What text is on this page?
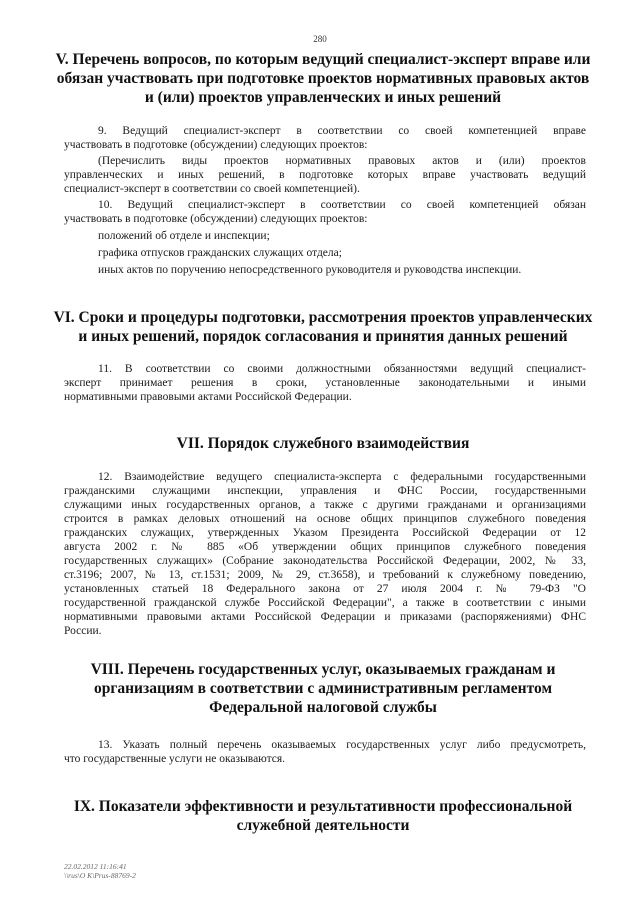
280
V. Перечень вопросов, по которым ведущий специалист-эксперт вправе или
обязан участвовать при подготовке проектов нормативных правовых актов
и (или) проектов управленческих и иных решений
9. Ведущий специалист-эксперт в соответствии со своей компетенцией вправе
участвовать в подготовке (обсуждении) следующих проектов:
(Перечислить виды проектов нормативных правовых актов и (или) проектов
управленческих и иных решений, в подготовке которых вправе участвовать ведущий
специалист-эксперт в соответствии со своей компетенцией).
10. Ведущий специалист-эксперт в соответствии со своей компетенцией обязан
участвовать в подготовке (обсуждении) следующих проектов:
положений об отделе и инспекции;
графика отпусков гражданских служащих отдела;
иных актов по поручению непосредственного руководителя и руководства инспекции.
VI. Сроки и процедуры подготовки, рассмотрения проектов управленческих
и иных решений, порядок согласования и принятия данных решений
11. В соответствии со своими должностными обязанностями ведущий специалист-
эксперт принимает решения в сроки, установленные законодательными и иными
нормативными правовыми актами Российской Федерации.
VII. Порядок служебного взаимодействия
12. Взаимодействие ведущего специалиста-эксперта с федеральными государственными
гражданскими служащими инспекции, управления и ФНС России, государственными
служащими иных государственных органов, а также с другими гражданами и организациями
строится в рамках деловых отношений на основе общих принципов служебного поведения
гражданских служащих, утвержденных Указом Президента Российской Федерации от 12
августа 2002 г. № 885 «Об утверждении общих принципов служебного поведения
государственных служащих» (Собрание законодательства Российской Федерации, 2002, № 33,
ст.3196; 2007, № 13, ст.1531; 2009, № 29, ст.3658), и требований к служебному поведению,
установленных статьей 18 Федерального закона от 27 июля 2004 г. № 79-ФЗ "О
государственной гражданской службе Российской Федерации", а также в соответствии с иными
нормативными правовыми актами Российской Федерации и приказами (распоряжениями) ФНС
России.
VIII. Перечень государственных услуг, оказываемых гражданам и
организациям в соответствии с административным регламентом
Федеральной налоговой службы
13. Указать полный перечень оказываемых государственных услуг либо предусмотреть,
что государственные услуги не оказываются.
IX. Показатели эффективности и результативности профессиональной
служебной деятельности
22.02.2012 11:16:41
\\rus\O K\Prus-88769-2
